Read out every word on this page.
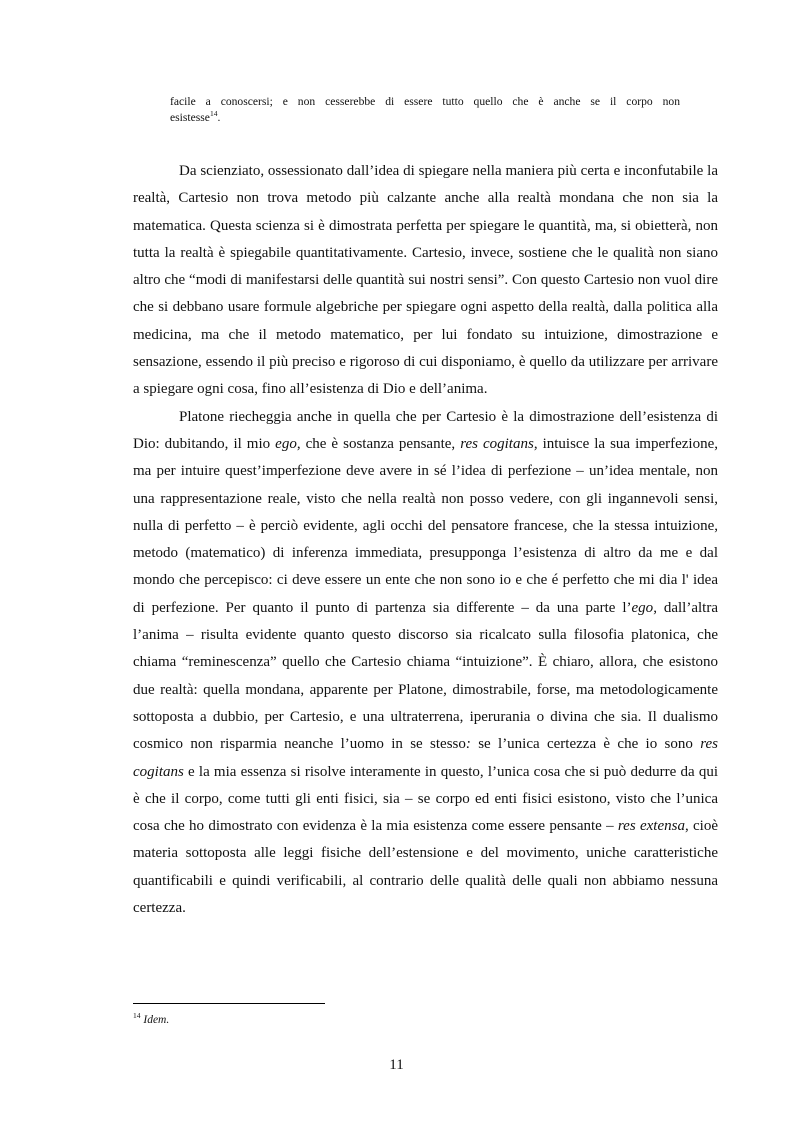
facile a conoscersi; e non cesserebbe di essere tutto quello che è anche se il corpo non
esistesse$^{14}$.

Da scienziato, ossessionato dall’idea di spiegare nella maniera più certa e inconfutabile la realtà, Cartesio non trova metodo più calzante anche alla realtà mondana che non sia la matematica. Questa scienza si è dimostrata perfetta per spiegare le quantità, ma, si obietterà, non tutta la realtà è spiegabile quantitativamente. Cartesio, invece, sostiene che le qualità non siano altro che “modi di manifestarsi delle quantità sui nostri sensi”. Con questo Cartesio non vuol dire che si debbano usare formule algebriche per spiegare ogni aspetto della realtà, dalla politica alla medicina, ma che il metodo matematico, per lui fondato su intuizione, dimostrazione e sensazione, essendo il più preciso e rigoroso di cui disponiamo, è quello da utilizzare per arrivare a spiegare ogni cosa, fino all’esistenza di Dio e dell’anima.

Platone riecheggia anche in quella che per Cartesio è la dimostrazione dell’esistenza di Dio: dubitando, il mio ego, che è sostanza pensante, res cogitans, intuisce la sua imperfezione, ma per intuire quest’imperfezione deve avere in sé l’idea di perfezione – un’idea mentale, non una rappresentazione reale, visto che nella realtà non posso vedere, con gli ingannevoli sensi, nulla di perfetto – è perciò evidente, agli occhi del pensatore francese, che la stessa intuizione, metodo (matematico) di inferenza immediata, presupponga l’esistenza di altro da me e dal mondo che percepisco: ci deve essere un ente che non sono io e che é perfetto che mi dia l' idea di perfezione. Per quanto il punto di partenza sia differente – da una parte l’ego, dall’altra l’anima – risulta evidente quanto questo discorso sia ricalcato sulla filosofia platonica, che chiama “reminescenza” quello che Cartesio chiama “intuizione”. È chiaro, allora, che esistono due realtà: quella mondana, apparente per Platone, dimostrabile, forse, ma metodologicamente sottoposta a dubbio, per Cartesio, e una ultraterrena, iperurania o divina che sia. Il dualismo cosmico non risparmia neanche l’uomo in se stesso: se l’unica certezza è che io sono res cogitans e la mia essenza si risolve interamente in questo, l’unica cosa che si può dedurre da qui è che il corpo, come tutti gli enti fisici, sia – se corpo ed enti fisici esistono, visto che l’unica cosa che ho dimostrato con evidenza è la mia esistenza come essere pensante – res extensa, cioè materia sottoposta alle leggi fisiche dell’estensione e del movimento, uniche caratteristiche quantificabili e quindi verificabili, al contrario delle qualità delle quali non abbiamo nessuna certezza.

$^{14}$ Idem.
11
